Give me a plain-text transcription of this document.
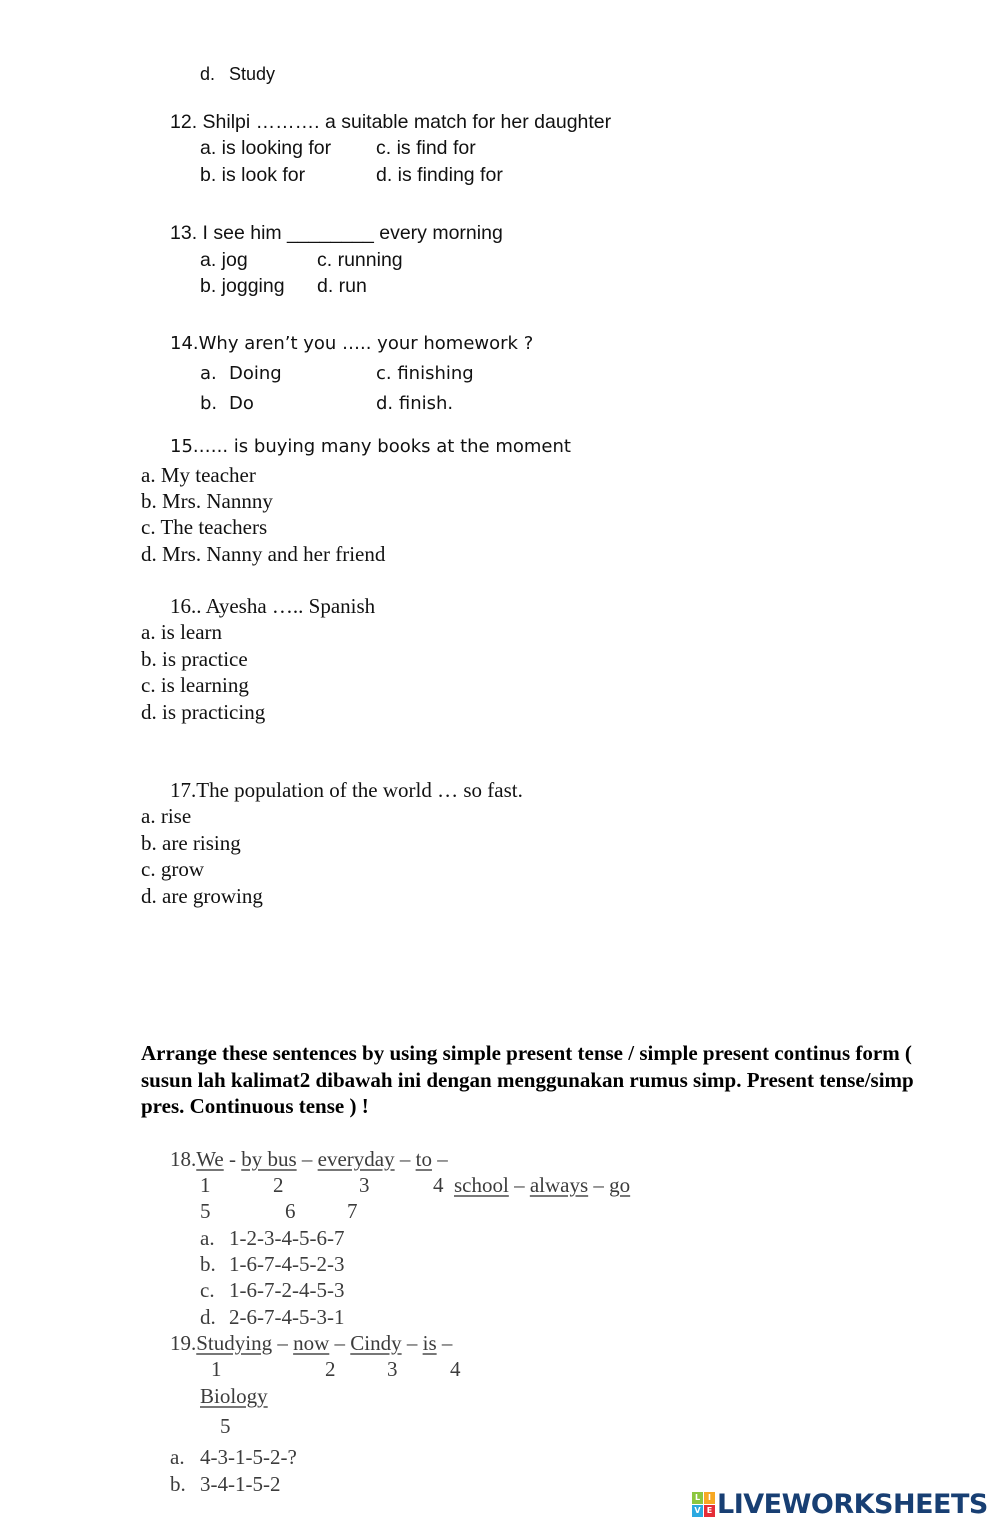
d. Study
12. Shilpi ………. a suitable match for her daughter
a. is looking for c. is find for
b. is look for	d. is finding for
13. I see him ________ every morning
a. jog	c. running
b. jogging d. run
14.Why aren’t you ….. your homework ?
a. Doing	c. finishing
b. Do	d. finish.
15.….. is buying many books at the moment
a. My teacher
b. Mrs. Nannny
c. The teachers
d. Mrs. Nanny and her friend
16.. Ayesha ….. Spanish
a. is learn
b. is practice
c. is learning
d. is practicing
17.The population of the world … so fast.
a. rise
b. are rising
c. grow
d. are growing
Arrange these sentences by using simple present tense / simple present continus form ( susun lah kalimat2 dibawah ini dengan menggunakan rumus simp. Present tense/simp pres. Continuous tense ) !
18.We - by bus – everyday – to –
1	2	3	4 school – always – go
5	6 7
a. 1-2-3-4-5-6-7
b. 1-6-7-4-5-2-3
c. 1-6-7-2-4-5-3
d. 2-6-7-4-5-3-1
19.Studying – now – Cindy – is –
1	2 3	4
Biology
5
a. 4-3-1-5-2-?
b. 3-4-1-5-2
L I
V E LIVEWORKSHEETS
